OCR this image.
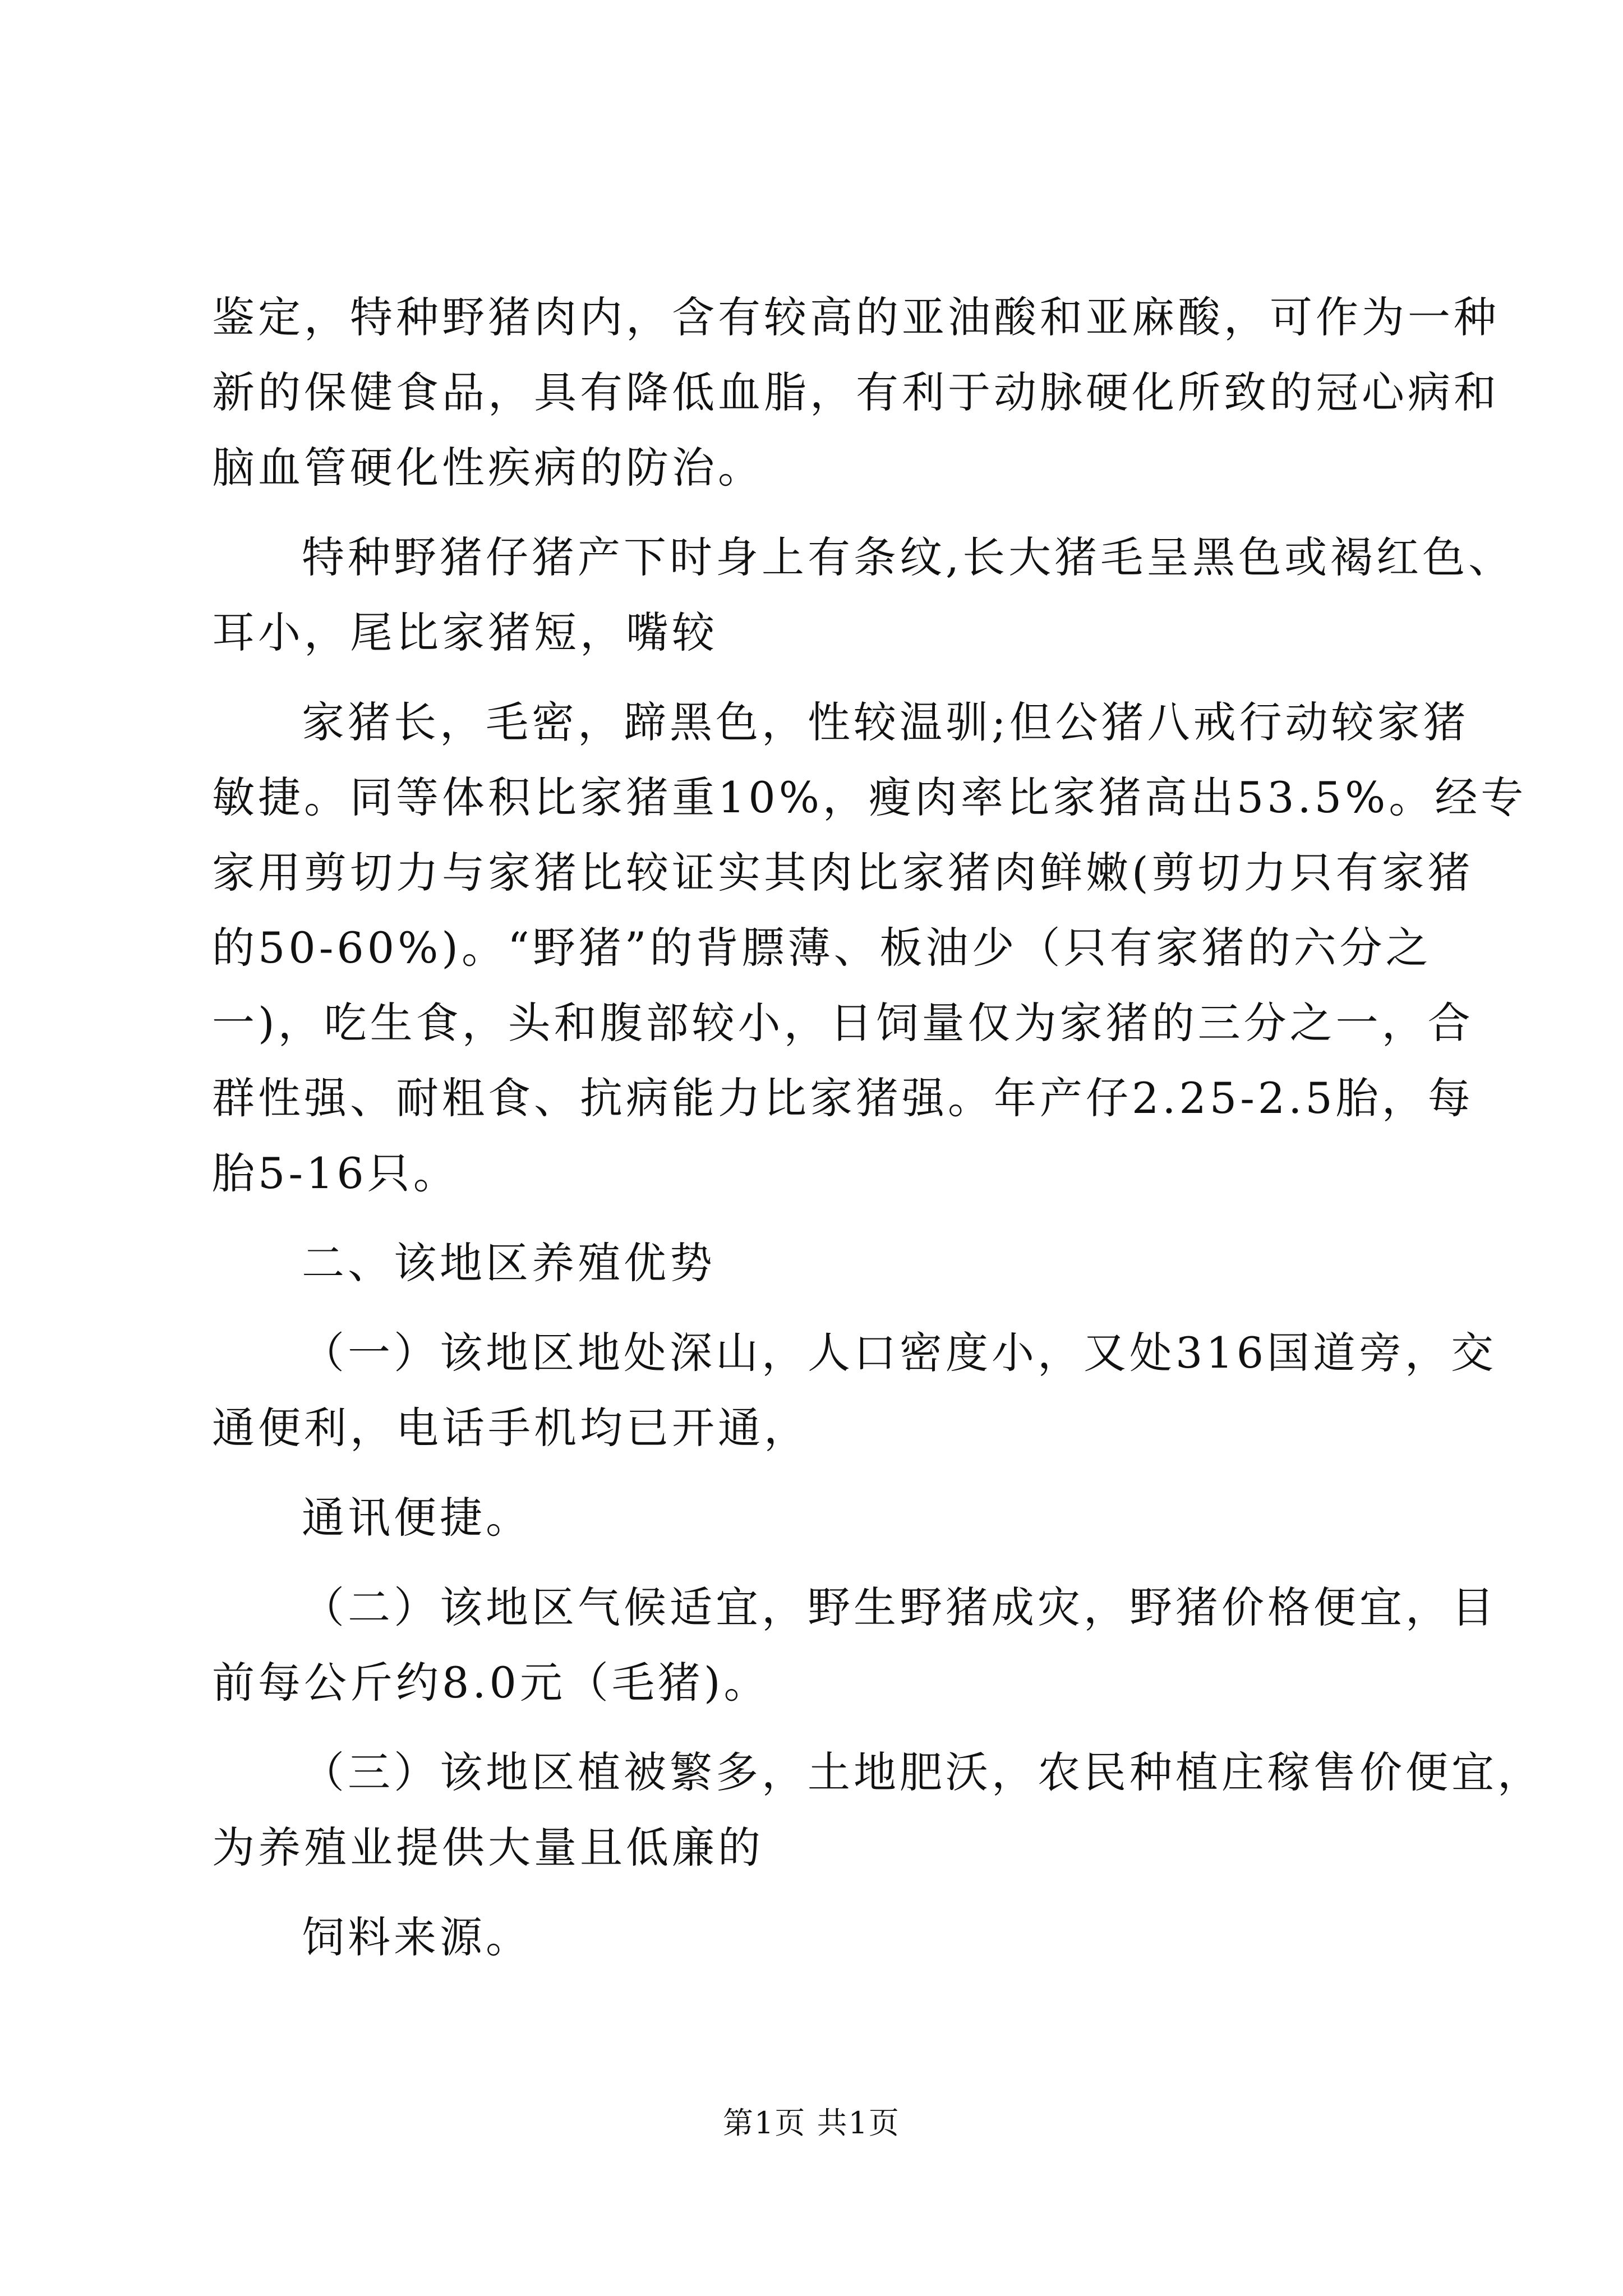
鉴定，特种野猪肉内，含有较高的亚油酸和亚麻酸，可作为一种
新的保健食品，具有降低血脂，有利于动脉硬化所致的冠心病和
脑血管硬化性疾病的防治。
特种野猪仔猪产下时身上有条纹,长大猪毛呈黑色或褐红色、
耳小，尾比家猪短，嘴较
家猪长，毛密，蹄黑色，性较温驯;但公猪八戒行动较家猪
敏捷。同等体积比家猪重10%，瘦肉率比家猪高出53.5%。经专
家用剪切力与家猪比较证实其肉比家猪肉鲜嫩(剪切力只有家猪
的50-60%)。“野猪”的背膘薄、板油少（只有家猪的六分之
一)，吃生食，头和腹部较小，日饲量仅为家猪的三分之一，合
群性强、耐粗食、抗病能力比家猪强。年产仔2.25-2.5胎，每
胎5-16只。
二、该地区养殖优势
（一）该地区地处深山，人口密度小，又处316国道旁，交
通便利，电话手机均已开通，
通讯便捷。
（二）该地区气候适宜，野生野猪成灾，野猪价格便宜，目
前每公斤约8.0元（毛猪)。
（三）该地区植被繁多，土地肥沃，农民种植庄稼售价便宜，
为养殖业提供大量且低廉的
饲料来源。
第1页 共1页
